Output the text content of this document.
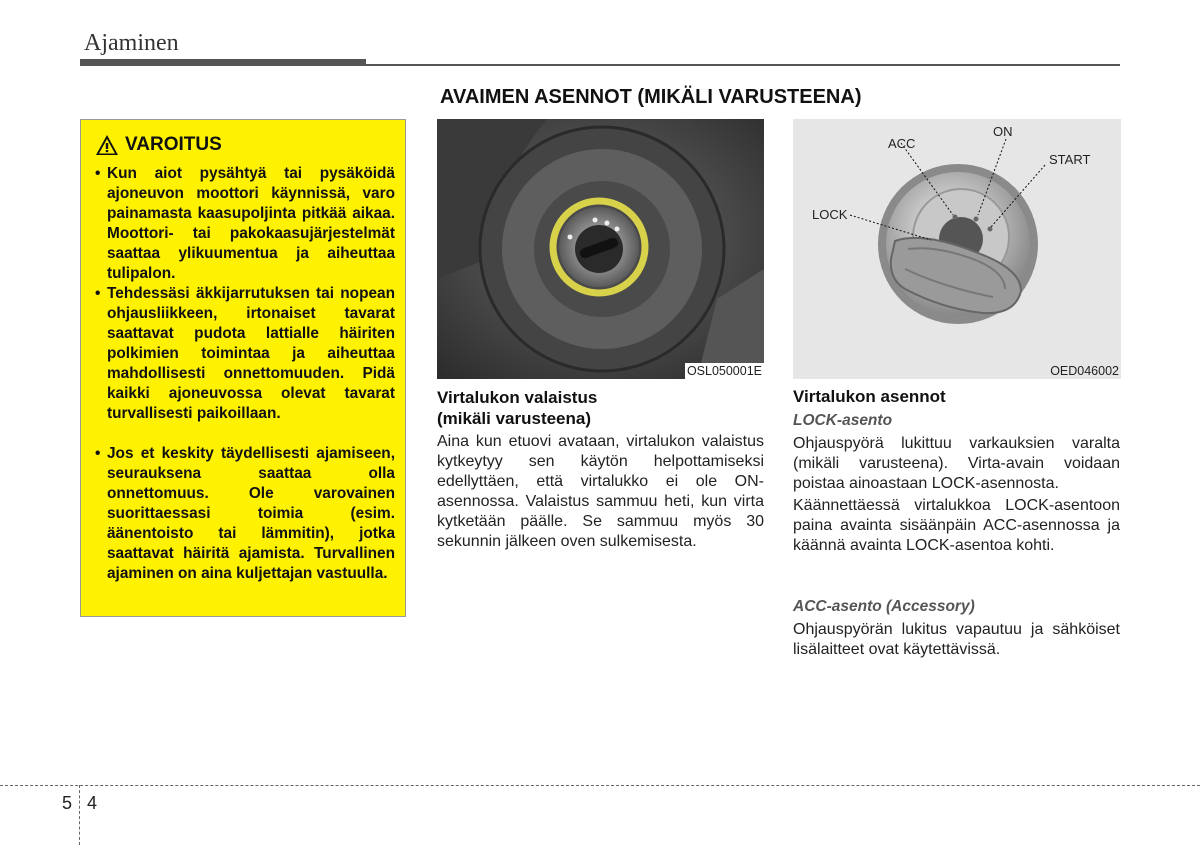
Ajaminen
AVAIMEN ASENNOT (MIKÄLI VARUSTEENA)
VAROITUS
• Kun aiot pysähtyä tai pysäköidä ajoneuvon moottori käynnissä, varo painamasta kaasupoljinta pitkää aikaa. Moottori- tai pakokaasujärjestelmät saattaa ylikuumentua ja aiheuttaa tulipalon.
• Tehdessäsi äkkijarrutuksen tai nopean ohjausliikkeen, irtonaiset tavarat saattavat pudota lattialle häiriten polkimien toimintaa ja aiheuttaa mahdollisesti onnettomuuden. Pidä kaikki ajoneuvossa olevat tavarat turvallisesti paikoillaan.
• Jos et keskity täydellisesti ajamiseen, seurauksena saattaa olla onnettomuus. Ole varovainen suorittaessasi toimia (esim. äänentoisto tai lämmitin), jotka saattavat häiritä ajamista. Turvallinen ajaminen on aina kuljettajan vastuulla.
OSL050001E
ACC
ON
START
LOCK
OED046002
Virtalukon valaistus
(mikäli varusteena)
Aina kun etuovi avataan, virtalukon valaistus kytkeytyy sen käytön helpottamiseksi edellyttäen, että virtalukko ei ole ON-asennossa. Valaistus sammuu heti, kun virta kytketään päälle. Se sammuu myös 30 sekunnin jälkeen oven sulkemisesta.
Virtalukon asennot
LOCK-asento
Ohjauspyörä lukittuu varkauksien varalta (mikäli varusteena). Virta-avain voidaan poistaa ainoastaan LOCK-asennosta.
Käännettäessä virtalukkoa LOCK-asentoon paina avainta sisäänpäin ACC-asennossa ja käännä avainta LOCK-asentoa kohti.
ACC-asento (Accessory)
Ohjauspyörän lukitus vapautuu ja sähköiset lisälaitteet ovat käytettävissä.
5 4
